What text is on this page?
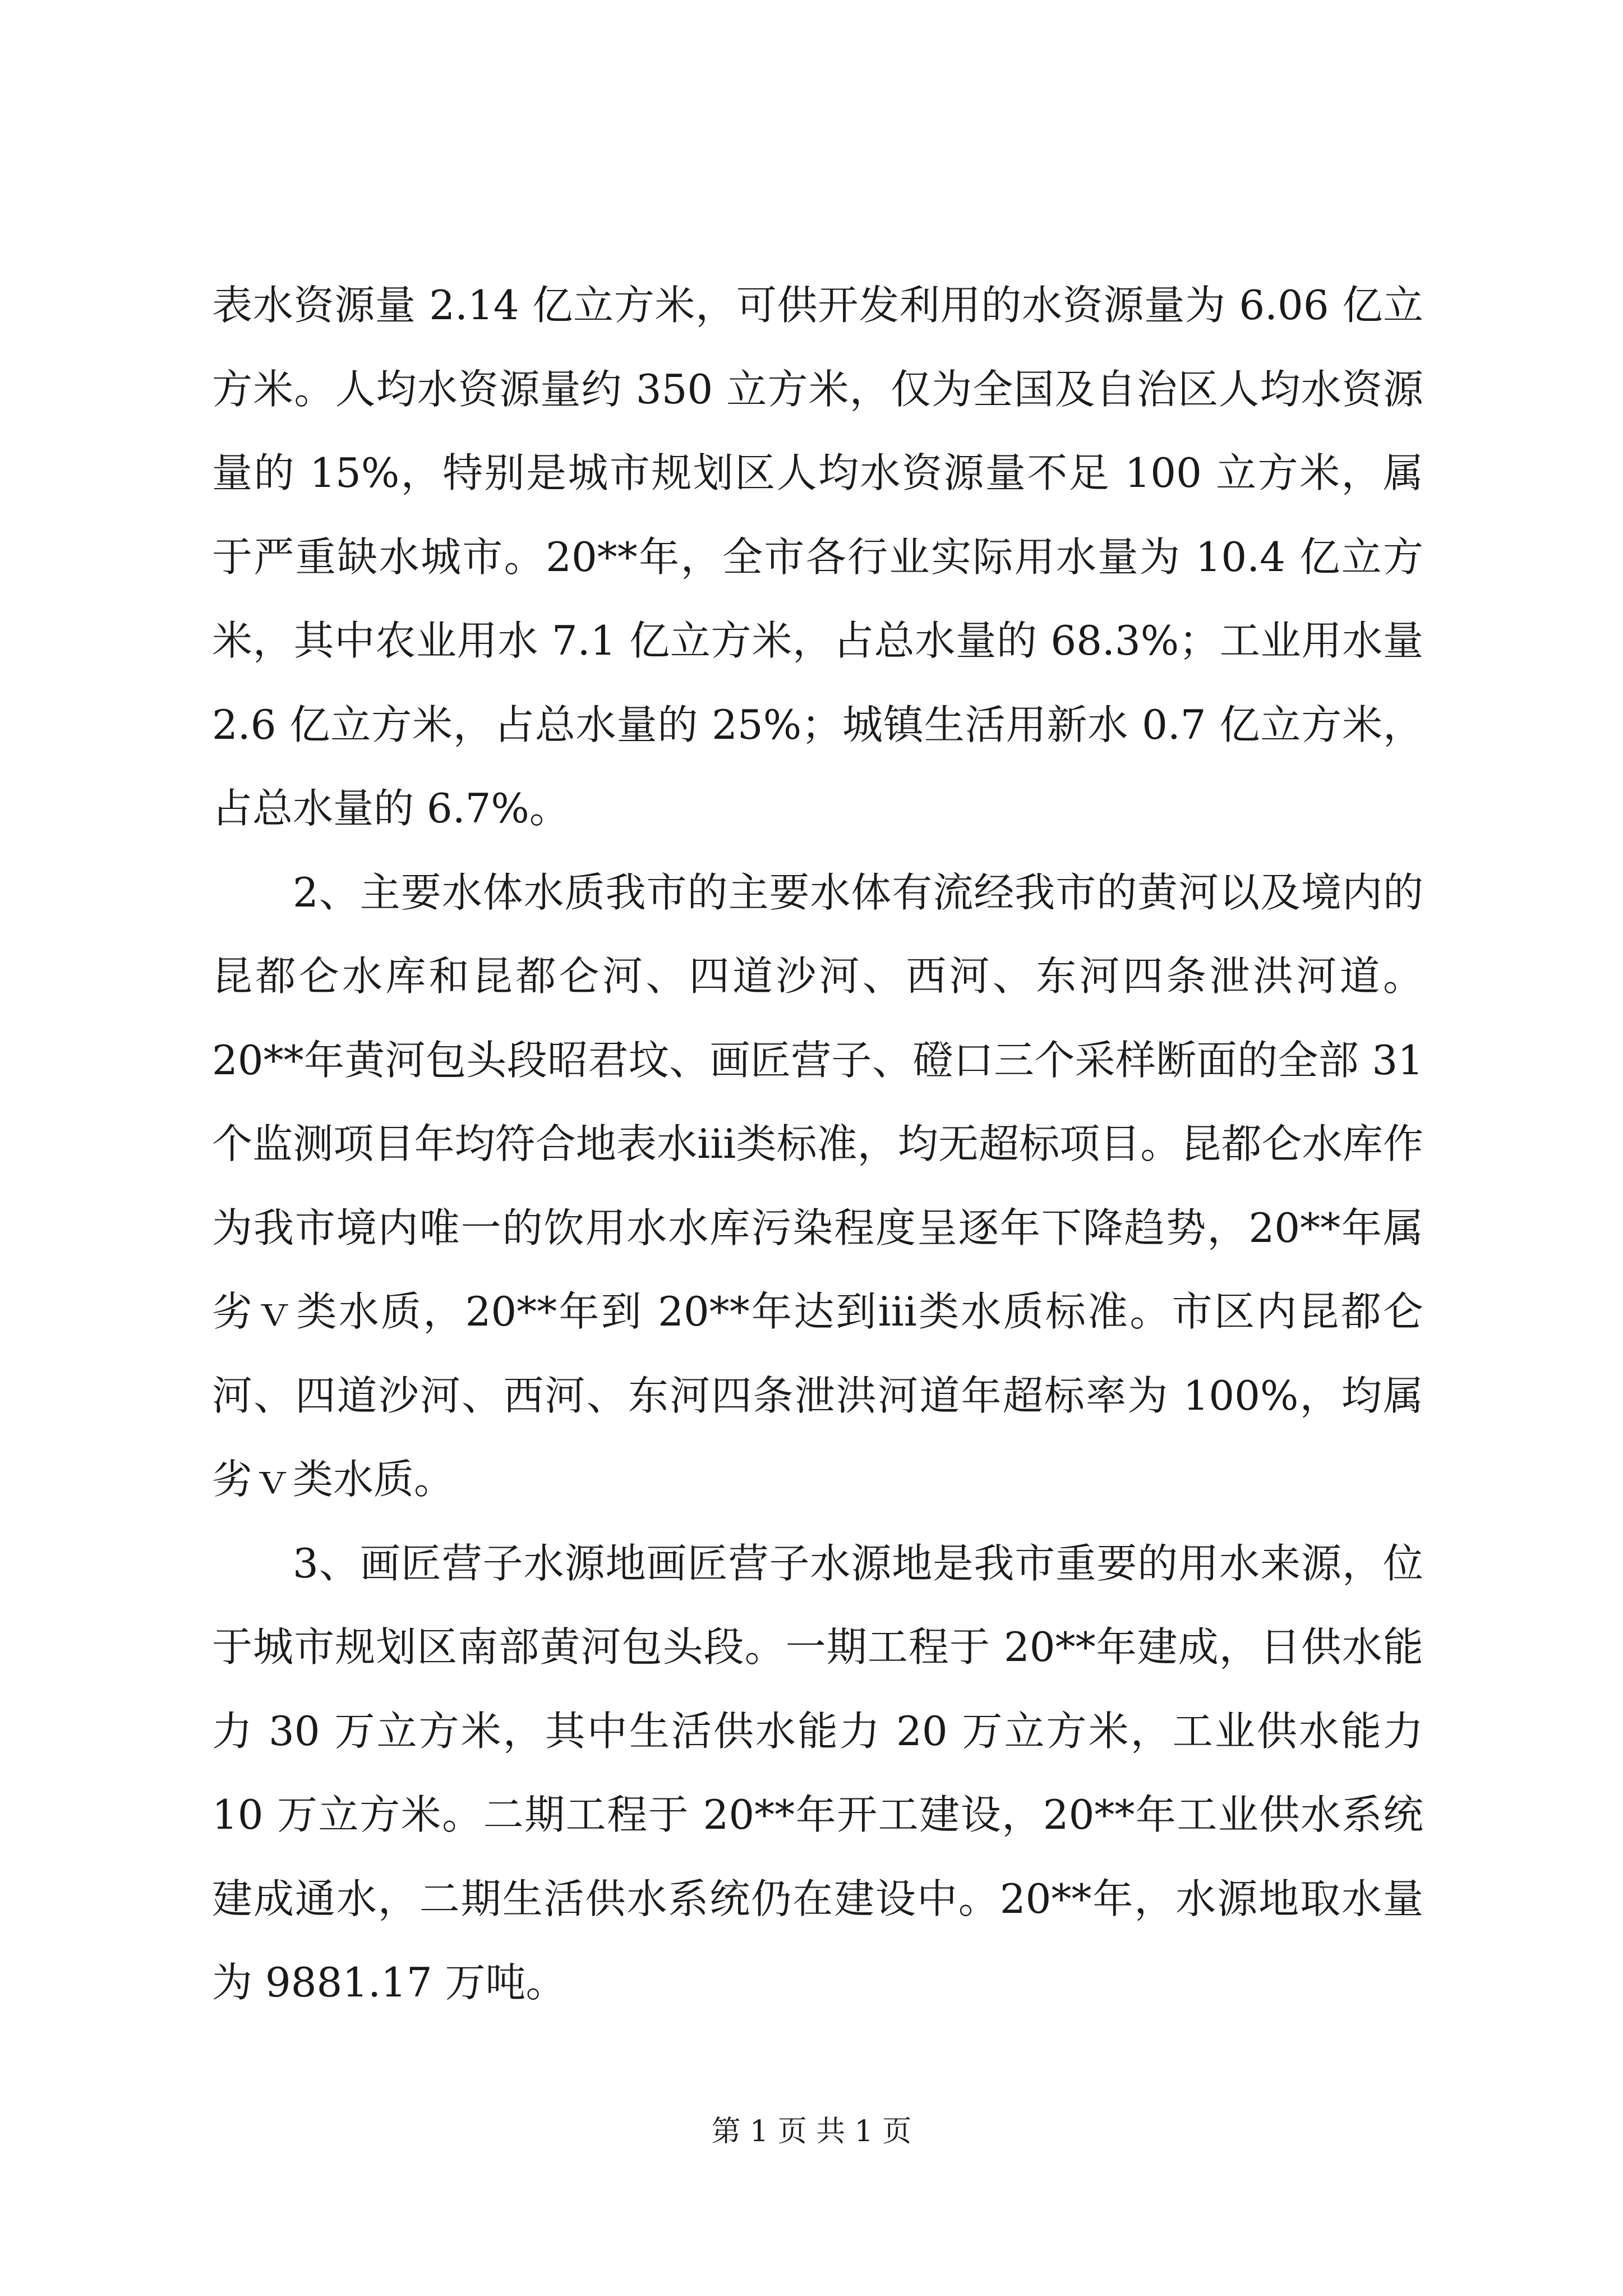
表水资源量 2.14 亿立方米，可供开发利用的水资源量为 6.06 亿立方米。人均水资源量约 350 立方米，仅为全国及自治区人均水资源量的 15%，特别是城市规划区人均水资源量不足 100 立方米，属于严重缺水城市。20**年，全市各行业实际用水量为 10.4 亿立方米，其中农业用水 7.1 亿立方米，占总水量的 68.3%；工业用水量 2.6 亿立方米，占总水量的 25%；城镇生活用新水 0.7 亿立方米，占总水量的 6.7%。

2、主要水体水质我市的主要水体有流经我市的黄河以及境内的昆都仑水库和昆都仑河、四道沙河、西河、东河四条泄洪河道。20**年黄河包头段昭君坟、画匠营子、磴口三个采样断面的全部 31 个监测项目年均符合地表水iii类标准，均无超标项目。昆都仑水库作为我市境内唯一的饮用水水库污染程度呈逐年下降趋势，20**年属劣ｖ类水质，20**年到 20**年达到iii类水质标准。市区内昆都仑河、四道沙河、西河、东河四条泄洪河道年超标率为 100%，均属劣ｖ类水质。

3、画匠营子水源地画匠营子水源地是我市重要的用水来源，位于城市规划区南部黄河包头段。一期工程于 20**年建成，日供水能力 30 万立方米，其中生活供水能力 20 万立方米，工业供水能力 10 万立方米。二期工程于 20**年开工建设，20**年工业供水系统建成通水，二期生活供水系统仍在建设中。20**年，水源地取水量为 9881.17 万吨。

第 1 页 共 1 页
